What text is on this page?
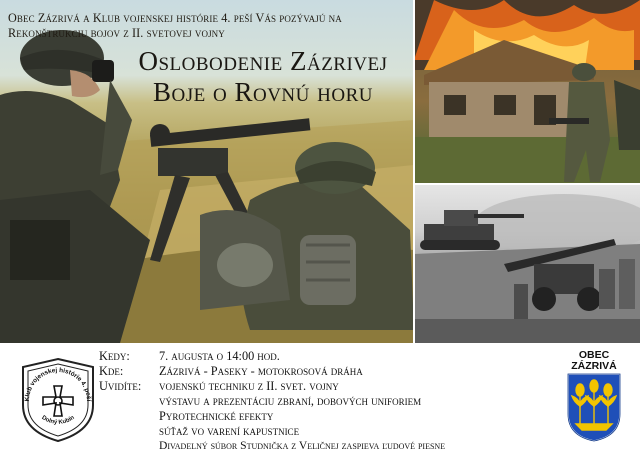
Obec Zázrivá a Klub vojenskej histórie 4. peší Vás pozývajú na Rekonštrukciu bojov z II. svetovej vojny
Oslobodenie Zázrivej
Boje o Rovnú horu
Klub vojenskej histórie 4. peší
Dolný Kubín
Kedy: 7. augusta o 14:00 hod.
Kde:	Zázrivá - Paseky - motokrosová dráha
Uvidíte: vojenskú techniku z II. svet. vojny
výstavu a prezentáciu zbraní, dobových uniforiem
Pyrotechnické efekty
súťaž vo varení kapustnice
Divadelný súbor Studnička z Veličnej zaspieva ľudové piesne
OBEC
ZÁZRIVÁ
